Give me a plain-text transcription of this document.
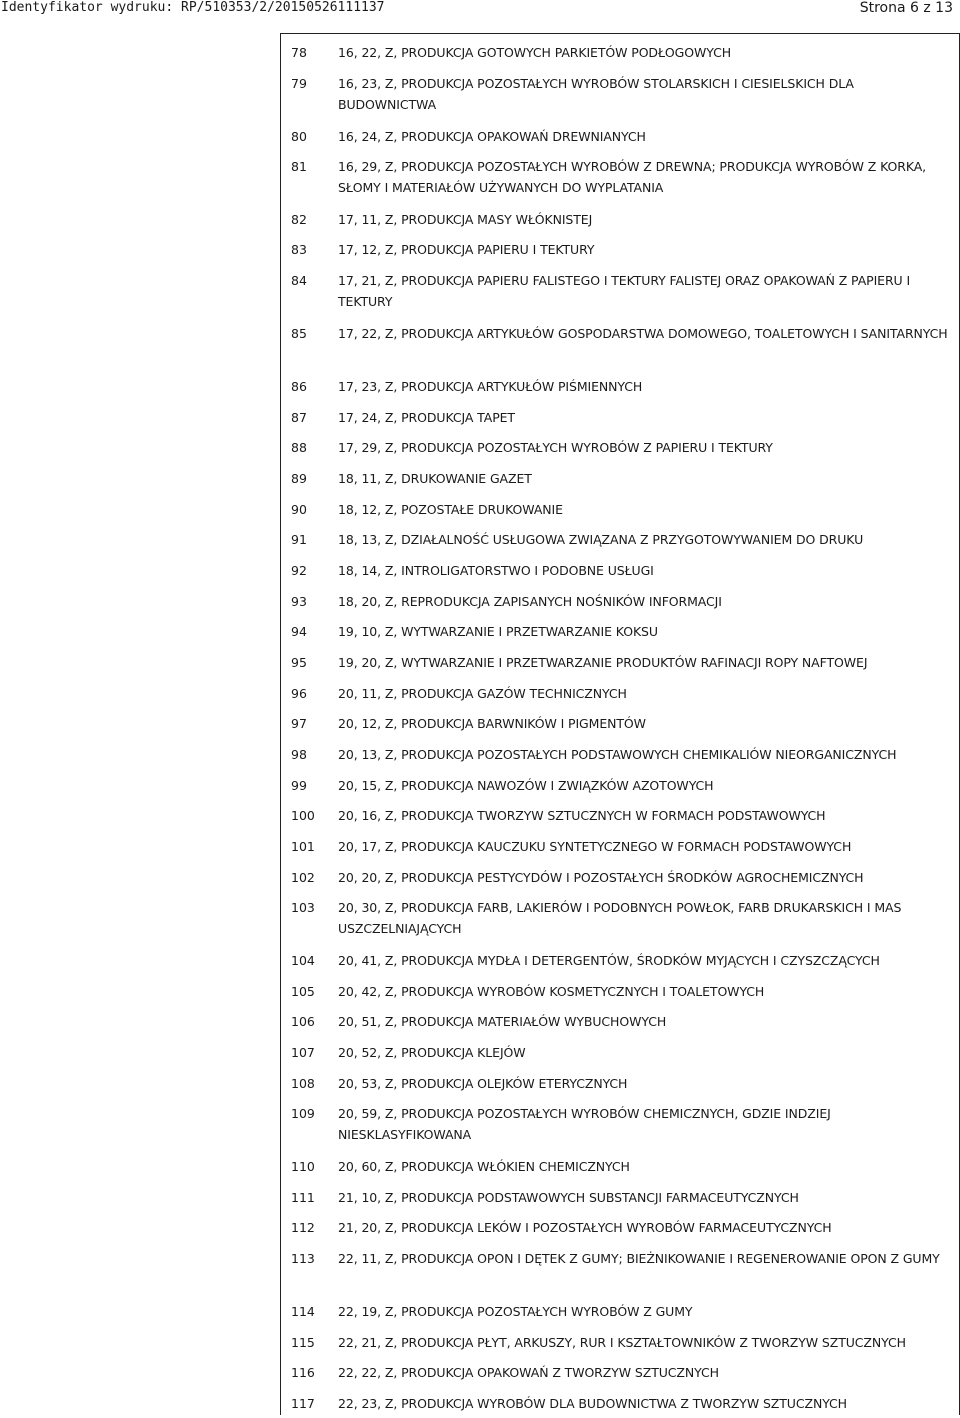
Identyfikator wydruku: RP/510353/2/20150526111137	Strona 6 z 13
78	16, 22, Z, PRODUKCJA GOTOWYCH PARKIETÓW PODŁOGOWYCH
79	16, 23, Z, PRODUKCJA POZOSTAŁYCH WYROBÓW STOLARSKICH I CIESIELSKICH DLA BUDOWNICTWA
80	16, 24, Z, PRODUKCJA OPAKOWAŃ DREWNIANYCH
81	16, 29, Z, PRODUKCJA POZOSTAŁYCH WYROBÓW Z DREWNA; PRODUKCJA WYROBÓW Z KORKA, SŁOMY I MATERIAŁÓW UŻYWANYCH DO WYPLATANIA
82	17, 11, Z, PRODUKCJA MASY WŁÓKNISTEJ
83	17, 12, Z, PRODUKCJA PAPIERU I TEKTURY
84	17, 21, Z, PRODUKCJA PAPIERU FALISTEGO I TEKTURY FALISTEJ ORAZ OPAKOWAŃ Z PAPIERU I TEKTURY
85	17, 22, Z, PRODUKCJA ARTYKUŁÓW GOSPODARSTWA DOMOWEGO, TOALETOWYCH I SANITARNYCH
86	17, 23, Z, PRODUKCJA ARTYKUŁÓW PIŚMIENNYCH
87	17, 24, Z, PRODUKCJA TAPET
88	17, 29, Z, PRODUKCJA POZOSTAŁYCH WYROBÓW Z PAPIERU I TEKTURY
89	18, 11, Z, DRUKOWANIE GAZET
90	18, 12, Z, POZOSTAŁE DRUKOWANIE
91	18, 13, Z, DZIAŁALNOŚĆ USŁUGOWA ZWIĄZANA Z PRZYGOTOWYWANIEM DO DRUKU
92	18, 14, Z, INTROLIGATORSTWO I PODOBNE USŁUGI
93	18, 20, Z, REPRODUKCJA ZAPISANYCH NOŚNIKÓW INFORMACJI
94	19, 10, Z, WYTWARZANIE I PRZETWARZANIE KOKSU
95	19, 20, Z, WYTWARZANIE I PRZETWARZANIE PRODUKTÓW RAFINACJI ROPY NAFTOWEJ
96	20, 11, Z, PRODUKCJA GAZÓW TECHNICZNYCH
97	20, 12, Z, PRODUKCJA BARWNIKÓW I PIGMENTÓW
98	20, 13, Z, PRODUKCJA POZOSTAŁYCH PODSTAWOWYCH CHEMIKALIÓW NIEORGANICZNYCH
99	20, 15, Z, PRODUKCJA NAWOZÓW I ZWIĄZKÓW AZOTOWYCH
100	20, 16, Z, PRODUKCJA TWORZYW SZTUCZNYCH W FORMACH PODSTAWOWYCH
101	20, 17, Z, PRODUKCJA KAUCZUKU SYNTETYCZNEGO W FORMACH PODSTAWOWYCH
102	20, 20, Z, PRODUKCJA PESTYCYDÓW I POZOSTAŁYCH ŚRODKÓW AGROCHEMICZNYCH
103	20, 30, Z, PRODUKCJA FARB, LAKIERÓW I PODOBNYCH POWŁOK, FARB DRUKARSKICH I MAS USZCZELNIAJĄCYCH
104	20, 41, Z, PRODUKCJA MYDŁA I DETERGENTÓW, ŚRODKÓW MYJĄCYCH I CZYSZCZĄCYCH
105	20, 42, Z, PRODUKCJA WYROBÓW KOSMETYCZNYCH I TOALETOWYCH
106	20, 51, Z, PRODUKCJA MATERIAŁÓW WYBUCHOWYCH
107	20, 52, Z, PRODUKCJA KLEJÓW
108	20, 53, Z, PRODUKCJA OLEJKÓW ETERYCZNYCH
109	20, 59, Z, PRODUKCJA POZOSTAŁYCH WYROBÓW CHEMICZNYCH, GDZIE INDZIEJ NIESKLASYFIKOWANA
110	20, 60, Z, PRODUKCJA WŁÓKIEN CHEMICZNYCH
111	21, 10, Z, PRODUKCJA PODSTAWOWYCH SUBSTANCJI FARMACEUTYCZNYCH
112	21, 20, Z, PRODUKCJA LEKÓW I POZOSTAŁYCH WYROBÓW FARMACEUTYCZNYCH
113	22, 11, Z, PRODUKCJA OPON I DĘTEK Z GUMY; BIEŻNIKOWANIE I REGENEROWANIE OPON Z GUMY
114	22, 19, Z, PRODUKCJA POZOSTAŁYCH WYROBÓW Z GUMY
115	22, 21, Z, PRODUKCJA PŁYT, ARKUSZY, RUR I KSZTAŁTOWNIKÓW Z TWORZYW SZTUCZNYCH
116	22, 22, Z, PRODUKCJA OPAKOWAŃ Z TWORZYW SZTUCZNYCH
117	22, 23, Z, PRODUKCJA WYROBÓW DLA BUDOWNICTWA Z TWORZYW SZTUCZNYCH
